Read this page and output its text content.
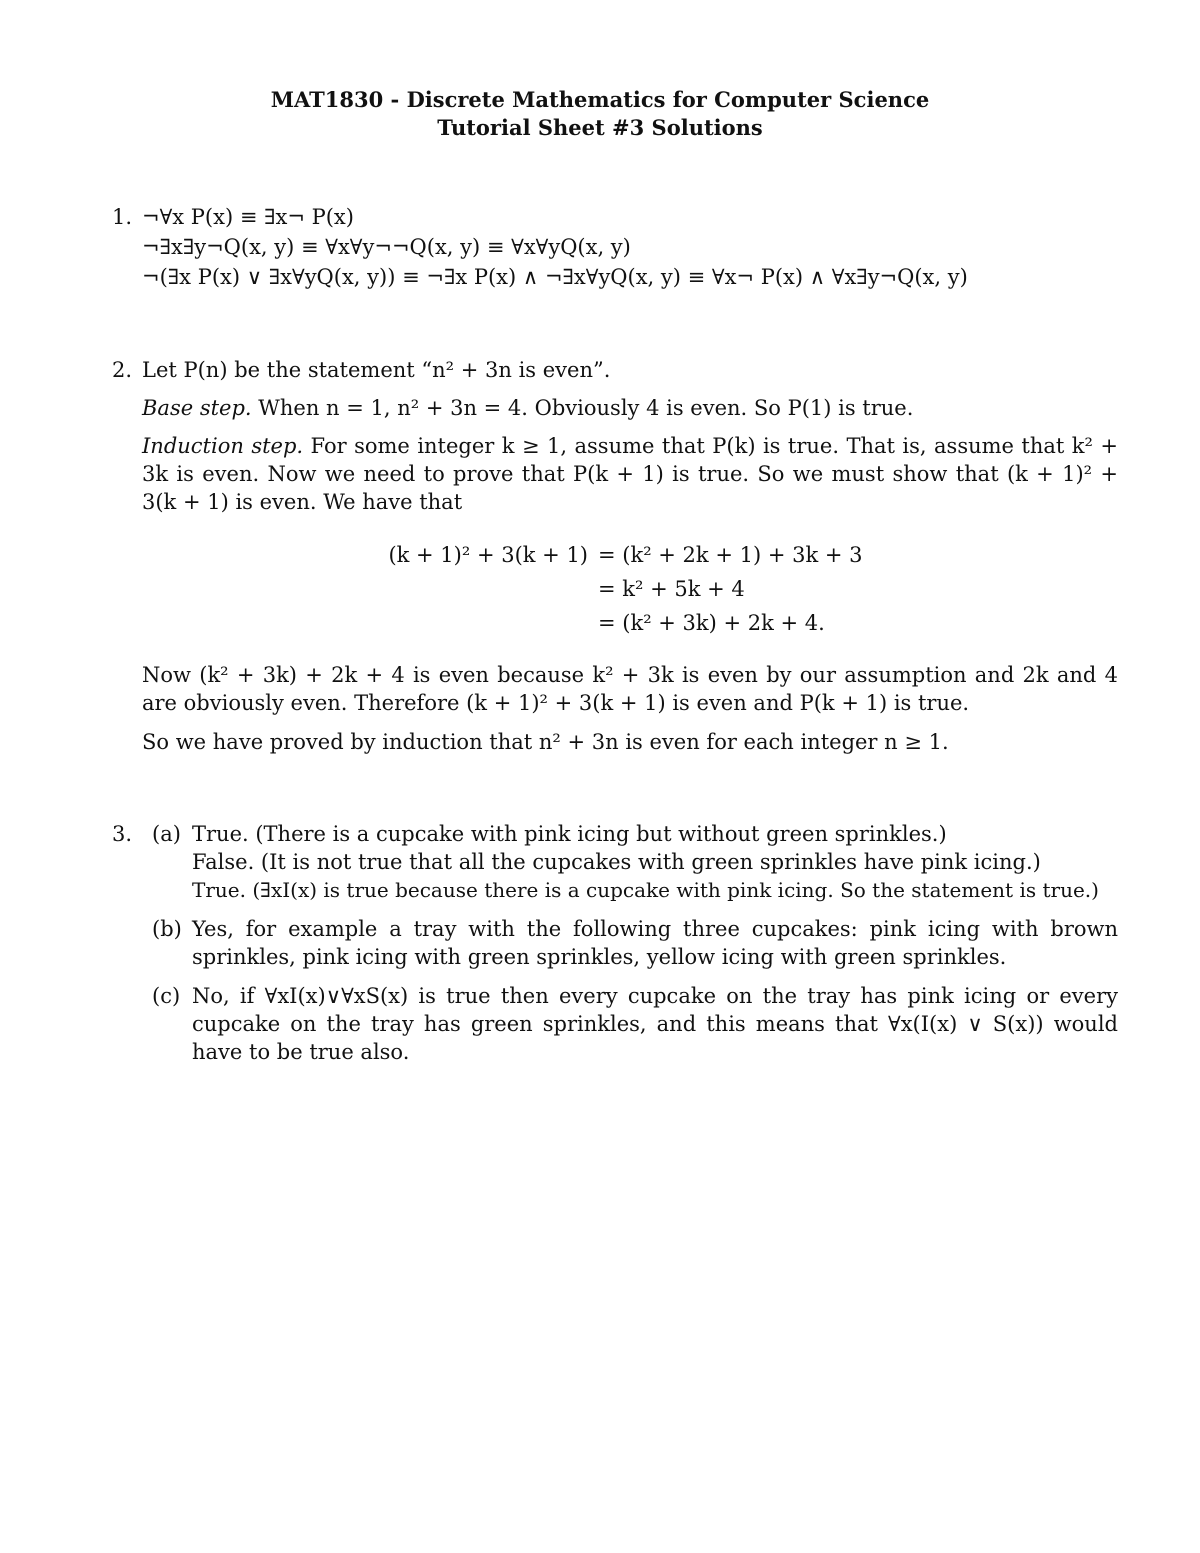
MAT1830 - Discrete Mathematics for Computer Science
Tutorial Sheet #3 Solutions
1. ¬∀x P(x) ≡ ∃x¬ P(x)
¬∃x∃y¬Q(x, y) ≡ ∀x∀y¬¬Q(x, y) ≡ ∀x∀yQ(x, y)
¬(∃x P(x) ∨ ∃x∀yQ(x, y)) ≡ ¬∃x P(x) ∧ ¬∃x∀yQ(x, y) ≡ ∀x¬ P(x) ∧ ∀x∃y¬Q(x, y)
2. Let P(n) be the statement “n² + 3n is even”.
Base step. When n = 1, n² + 3n = 4. Obviously 4 is even. So P(1) is true.
Induction step. For some integer k ≥ 1, assume that P(k) is true. That is, assume that k² + 3k is even. Now we need to prove that P(k + 1) is true. So we must show that (k + 1)² + 3(k + 1) is even. We have that
(k + 1)² + 3(k + 1) = (k² + 2k + 1) + 3k + 3
= k² + 5k + 4
= (k² + 3k) + 2k + 4.
Now (k² + 3k) + 2k + 4 is even because k² + 3k is even by our assumption and 2k and 4 are obviously even. Therefore (k + 1)² + 3(k + 1) is even and P(k + 1) is true.
So we have proved by induction that n² + 3n is even for each integer n ≥ 1.
3. (a) True. (There is a cupcake with pink icing but without green sprinkles.)
False. (It is not true that all the cupcakes with green sprinkles have pink icing.)
True. (∃xI(x) is true because there is a cupcake with pink icing. So the statement is true.)
(b) Yes, for example a tray with the following three cupcakes: pink icing with brown sprinkles, pink icing with green sprinkles, yellow icing with green sprinkles.
(c) No, if ∀xI(x)∨∀xS(x) is true then every cupcake on the tray has pink icing or every cupcake on the tray has green sprinkles, and this means that ∀x(I(x) ∨ S(x)) would have to be true also.
